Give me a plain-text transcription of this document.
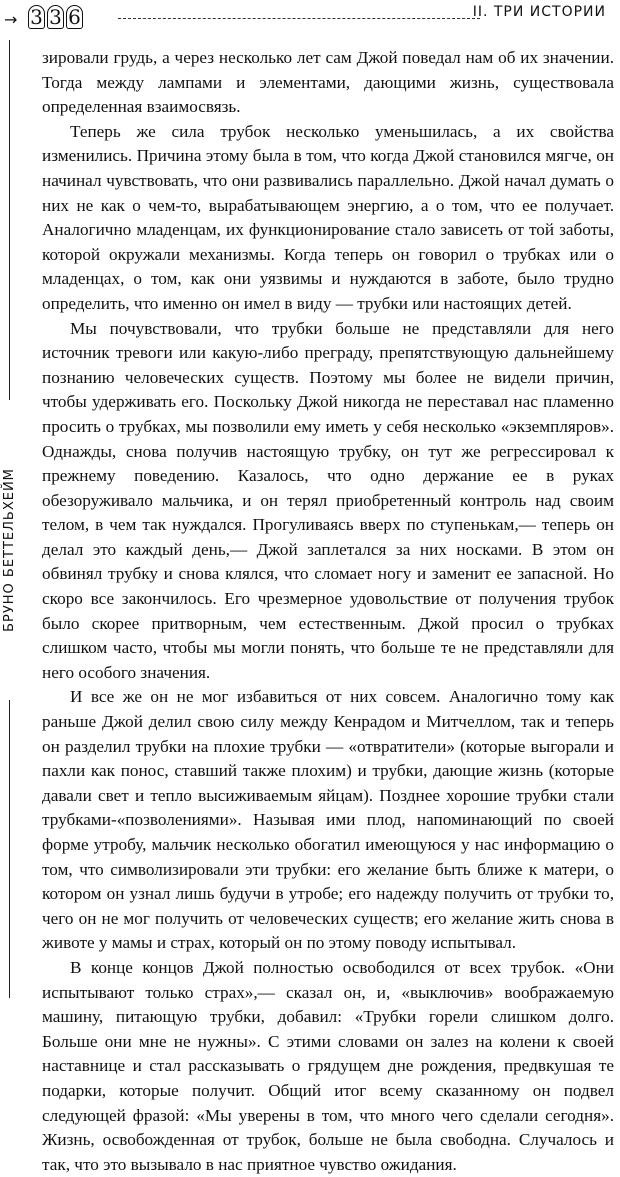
→ 3 3 6	II. ТРИ ИСТОРИИ
БРУНО БЕТТЕЛЬХЕЙМ

зировали грудь, а через несколько лет сам Джой поведал нам об их значении. Тогда между лампами и элементами, дающими жизнь, существовала определенная взаимосвязь.

Теперь же сила трубок несколько уменьшилась, а их свойства изменились. Причина этому была в том, что когда Джой становился мягче, он начинал чувствовать, что они развивались параллельно. Джой начал думать о них не как о чем-то, вырабатывающем энергию, а о том, что ее получает. Аналогично младенцам, их функционирование стало зависеть от той заботы, которой окружали механизмы. Когда теперь он говорил о трубках или о младенцах, о том, как они уязвимы и нуждаются в заботе, было трудно определить, что именно он имел в виду — трубки или настоящих детей.

Мы почувствовали, что трубки больше не представляли для него источник тревоги или какую-либо преграду, препятствующую дальнейшему познанию человеческих существ. Поэтому мы более не видели причин, чтобы удерживать его. Поскольку Джой никогда не переставал нас пламенно просить о трубках, мы позволили ему иметь у себя несколько «экземпляров». Однажды, снова получив настоящую трубку, он тут же регрессировал к прежнему поведению. Казалось, что одно держание ее в руках обезоруживало мальчика, и он терял приобретенный контроль над своим телом, в чем так нуждался. Прогуливаясь вверх по ступенькам,— теперь он делал это каждый день,— Джой заплетался за них носками. В этом он обвинял трубку и снова клялся, что сломает ногу и заменит ее запасной. Но скоро все закончилось. Его чрезмерное удовольствие от получения трубок было скорее притворным, чем естественным. Джой просил о трубках слишком часто, чтобы мы могли понять, что больше те не представляли для него особого значения.

И все же он не мог избавиться от них совсем. Аналогично тому как раньше Джой делил свою силу между Кенрадом и Митчеллом, так и теперь он разделил трубки на плохие трубки — «отвратители» (которые выгорали и пахли как понос, ставший также плохим) и трубки, дающие жизнь (которые давали свет и тепло высиживаемым яйцам). Позднее хорошие трубки стали трубками-«позволениями». Называя ими плод, напоминающий по своей форме утробу, мальчик несколько обогатил имеющуюся у нас информацию о том, что символизировали эти трубки: его желание быть ближе к матери, о котором он узнал лишь будучи в утробе; его надежду получить от трубки то, чего он не мог получить от человеческих существ; его желание жить снова в животе у мамы и страх, который он по этому поводу испытывал.

В конце концов Джой полностью освободился от всех трубок. «Они испытывают только страх»,— сказал он, и, «выключив» воображаемую машину, питающую трубки, добавил: «Трубки горели слишком долго. Больше они мне не нужны». С этими словами он залез на колени к своей наставнице и стал рассказывать о грядущем дне рождения, предвкушая те подарки, которые получит. Общий итог всему сказанному он подвел следующей фразой: «Мы уверены в том, что много чего сделали сегодня». Жизнь, освобожденная от трубок, больше не была свободна. Случалось и так, что это вызывало в нас приятное чувство ожидания.
